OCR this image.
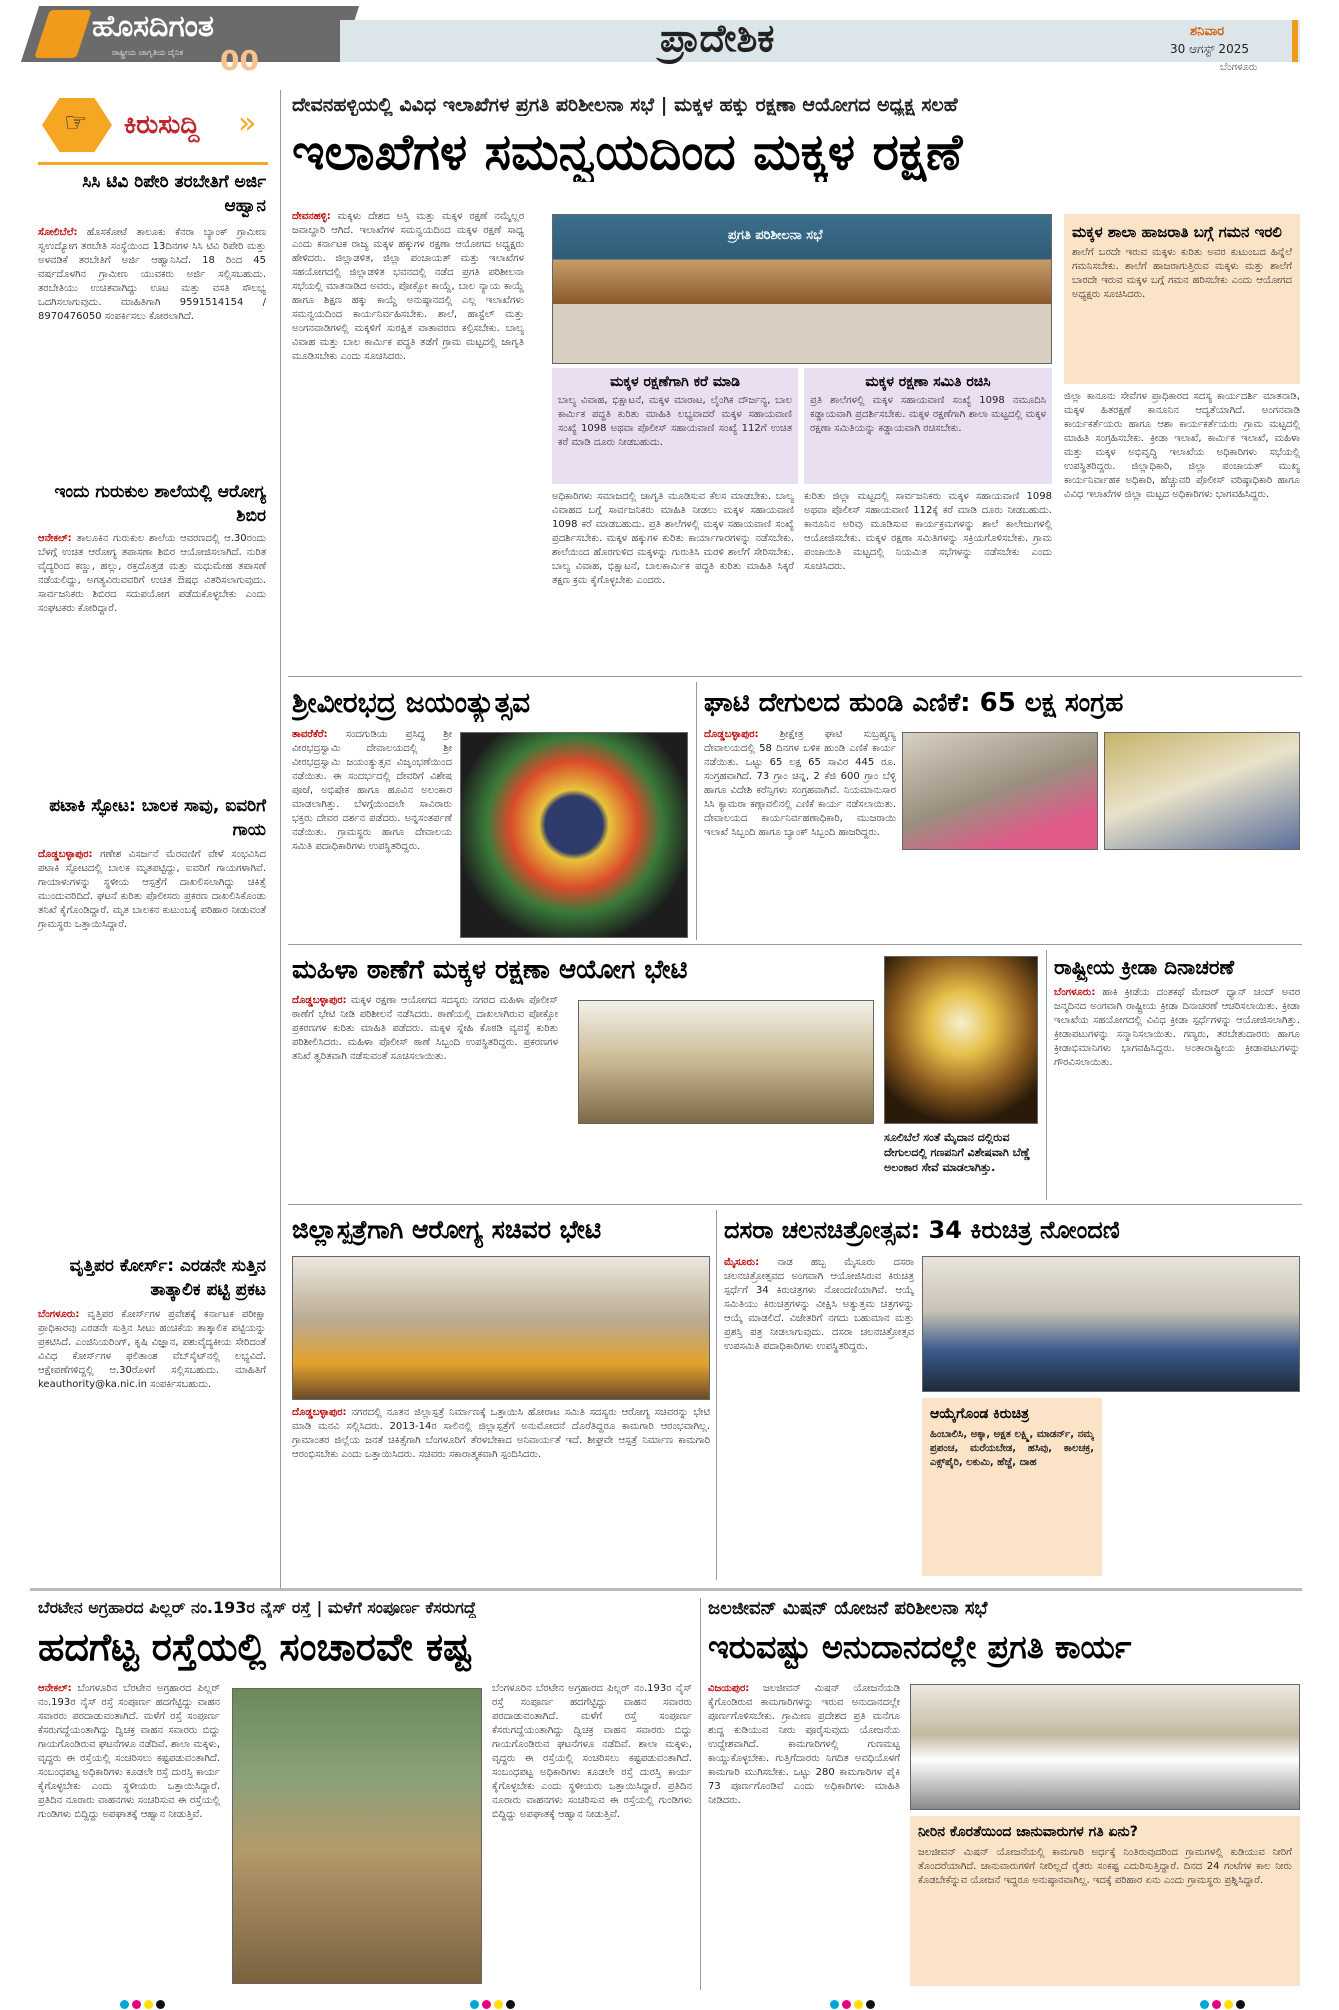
ಹೊಸದಿಗಂತ
ರಾಷ್ಟ್ರೀಯ ಜಾಗೃತಿಯ ದೈನಿಕ 00
ಪ್ರಾದೇಶಿಕ	ಶನಿವಾರ
30 ಆಗಸ್ಟ್ 2025
ಬೆಂಗಳೂರು
☞ ಕಿರುಸುದ್ದಿ »
ಸಿಸಿ ಟಿವಿ ರಿಪೇರಿ ತರಬೇತಿಗೆ ಅರ್ಜಿ ಆಹ್ವಾನ
ಸೋಲಿಬೆಲೆ: ಹೊಸಕೋಟೆ ತಾಲೂಕು ಕೆನರಾ ಬ್ಯಾಂಕ್ ಗ್ರಾಮೀಣ ಸ್ವಉದ್ಯೋಗ ತರಬೇತಿ ಸಂಸ್ಥೆಯಿಂದ 13ದಿನಗಳ ಸಿಸಿ ಟಿವಿ ರಿಪೇರಿ ಮತ್ತು ಅಳವಡಿಕೆ ತರಬೇತಿಗೆ ಅರ್ಜಿ ಆಹ್ವಾನಿಸಿದೆ. 18 ರಿಂದ 45 ವರ್ಷದೊಳಗಿನ ಗ್ರಾಮೀಣ ಯುವಕರು ಅರ್ಜಿ ಸಲ್ಲಿಸಬಹುದು. ತರಬೇತಿಯು ಉಚಿತವಾಗಿದ್ದು ಊಟ ಮತ್ತು ವಸತಿ ಸೌಲಭ್ಯ ಒದಗಿಸಲಾಗುವುದು. ಮಾಹಿತಿಗಾಗಿ 9591514154 / 8970476050 ಸಂಪರ್ಕಿಸಲು ಕೋರಲಾಗಿದೆ.
ಇಂದು ಗುರುಕುಲ ಶಾಲೆಯಲ್ಲಿ ಆರೋಗ್ಯ ಶಿಬಿರ
ಆನೇಕಲ್: ತಾಲೂಕಿನ ಗುರುಕುಲ ಶಾಲೆಯ ಆವರಣದಲ್ಲಿ ಆ.30ರಂದು ಬೆಳಗ್ಗೆ ಉಚಿತ ಆರೋಗ್ಯ ತಪಾಸಣಾ ಶಿಬಿರ ಆಯೋಜಿಸಲಾಗಿದೆ. ನುರಿತ ವೈದ್ಯರಿಂದ ಕಣ್ಣು, ಹಲ್ಲು, ರಕ್ತದೊತ್ತಡ ಮತ್ತು ಮಧುಮೇಹ ತಪಾಸಣೆ ನಡೆಯಲಿದ್ದು, ಅಗತ್ಯವಿರುವವರಿಗೆ ಉಚಿತ ಔಷಧ ವಿತರಿಸಲಾಗುವುದು. ಸಾರ್ವಜನಿಕರು ಶಿಬಿರದ ಸದುಪಯೋಗ ಪಡೆದುಕೊಳ್ಳಬೇಕು ಎಂದು ಸಂಘಟಕರು ಕೋರಿದ್ದಾರೆ.
ಪಟಾಕಿ ಸ್ಫೋಟ: ಬಾಲಕ ಸಾವು, ಐವರಿಗೆ ಗಾಯ
ದೊಡ್ಡಬಳ್ಳಾಪುರ: ಗಣೇಶ ವಿಸರ್ಜನೆ ಮೆರವಣಿಗೆ ವೇಳೆ ಸಂಭವಿಸಿದ ಪಟಾಕಿ ಸ್ಫೋಟದಲ್ಲಿ ಬಾಲಕ ಮೃತಪಟ್ಟಿದ್ದು, ಐವರಿಗೆ ಗಾಯಗಳಾಗಿವೆ. ಗಾಯಾಳುಗಳನ್ನು ಸ್ಥಳೀಯ ಆಸ್ಪತ್ರೆಗೆ ದಾಖಲಿಸಲಾಗಿದ್ದು ಚಿಕಿತ್ಸೆ ಮುಂದುವರಿದಿದೆ. ಘಟನೆ ಕುರಿತು ಪೊಲೀಸರು ಪ್ರಕರಣ ದಾಖಲಿಸಿಕೊಂಡು ತನಿಖೆ ಕೈಗೊಂಡಿದ್ದಾರೆ. ಮೃತ ಬಾಲಕನ ಕುಟುಂಬಕ್ಕೆ ಪರಿಹಾರ ನೀಡುವಂತೆ ಗ್ರಾಮಸ್ಥರು ಒತ್ತಾಯಿಸಿದ್ದಾರೆ.
ವೃತ್ತಿಪರ ಕೋರ್ಸ್: ಎರಡನೇ ಸುತ್ತಿನ ತಾತ್ಕಾಲಿಕ ಪಟ್ಟಿ ಪ್ರಕಟ
ಬೆಂಗಳೂರು: ವೃತ್ತಿಪರ ಕೋರ್ಸ್‌ಗಳ ಪ್ರವೇಶಕ್ಕೆ ಕರ್ನಾಟಕ ಪರೀಕ್ಷಾ ಪ್ರಾಧಿಕಾರವು ಎರಡನೇ ಸುತ್ತಿನ ಸೀಟು ಹಂಚಿಕೆಯ ತಾತ್ಕಾಲಿಕ ಪಟ್ಟಿಯನ್ನು ಪ್ರಕಟಿಸಿದೆ. ಎಂಜಿನಿಯರಿಂಗ್, ಕೃಷಿ ವಿಜ್ಞಾನ, ಪಶುವೈದ್ಯಕೀಯ ಸೇರಿದಂತೆ ವಿವಿಧ ಕೋರ್ಸ್‌ಗಳ ಫಲಿತಾಂಶ ವೆಬ್‌ಸೈಟ್‌ನಲ್ಲಿ ಲಭ್ಯವಿದೆ. ಆಕ್ಷೇಪಣೆಗಳಿದ್ದಲ್ಲಿ ಆ.30ರೊಳಗೆ ಸಲ್ಲಿಸಬಹುದು. ಮಾಹಿತಿಗೆ keauthority@ka.nic.in ಸಂಪರ್ಕಿಸಬಹುದು.
ದೇವನಹಳ್ಳಿಯಲ್ಲಿ ವಿವಿಧ ಇಲಾಖೆಗಳ ಪ್ರಗತಿ ಪರಿಶೀಲನಾ ಸಭೆ | ಮಕ್ಕಳ ಹಕ್ಕು ರಕ್ಷಣಾ ಆಯೋಗದ ಅಧ್ಯಕ್ಷ ಸಲಹೆ
ಇಲಾಖೆಗಳ ಸಮನ್ವಯದಿಂದ ಮಕ್ಕಳ ರಕ್ಷಣೆ
ದೇವನಹಳ್ಳಿ: ಮಕ್ಕಳು ದೇಶದ ಅಸ್ತಿ ಮತ್ತು ಮಕ್ಕಳ ರಕ್ಷಣೆ ನಮ್ಮೆಲ್ಲರ ಜವಾಬ್ದಾರಿ ಆಗಿದೆ. ಇಲಾಖೆಗಳ ಸಮನ್ವಯದಿಂದ ಮಕ್ಕಳ ರಕ್ಷಣೆ ಸಾಧ್ಯ ಎಂದು ಕರ್ನಾಟಕ ರಾಜ್ಯ ಮಕ್ಕಳ ಹಕ್ಕುಗಳ ರಕ್ಷಣಾ ಆಯೋಗದ ಅಧ್ಯಕ್ಷರು ಹೇಳಿದರು. ಜಿಲ್ಲಾಡಳಿತ, ಜಿಲ್ಲಾ ಪಂಚಾಯತ್ ಮತ್ತು ಇಲಾಖೆಗಳ ಸಹಯೋಗದಲ್ಲಿ ಜಿಲ್ಲಾಡಳಿತ ಭವನದಲ್ಲಿ ನಡೆದ ಪ್ರಗತಿ ಪರಿಶೀಲನಾ ಸಭೆಯಲ್ಲಿ ಮಾತನಾಡಿದ ಅವರು, ಪೋಕ್ಸೋ ಕಾಯ್ದೆ, ಬಾಲ ನ್ಯಾಯ ಕಾಯ್ದೆ ಹಾಗೂ ಶಿಕ್ಷಣ ಹಕ್ಕು ಕಾಯ್ದೆ ಅನುಷ್ಠಾನದಲ್ಲಿ ಎಲ್ಲ ಇಲಾಖೆಗಳು ಸಮನ್ವಯದಿಂದ ಕಾರ್ಯನಿರ್ವಹಿಸಬೇಕು. ಶಾಲೆ, ಹಾಸ್ಟೆಲ್ ಮತ್ತು ಅಂಗನವಾಡಿಗಳಲ್ಲಿ ಮಕ್ಕಳಿಗೆ ಸುರಕ್ಷಿತ ವಾತಾವರಣ ಕಲ್ಪಿಸಬೇಕು. ಬಾಲ್ಯ ವಿವಾಹ ಮತ್ತು ಬಾಲ ಕಾರ್ಮಿಕ ಪದ್ಧತಿ ತಡೆಗೆ ಗ್ರಾಮ ಮಟ್ಟದಲ್ಲಿ ಜಾಗೃತಿ ಮೂಡಿಸಬೇಕು ಎಂದು ಸೂಚಿಸಿದರು.
ಪ್ರಗತಿ ಪರಿಶೀಲನಾ ಸಭೆ
ಮಕ್ಕಳ ರಕ್ಷಣೆಗಾಗಿ ಕರೆ ಮಾಡಿ
ಬಾಲ್ಯ ವಿವಾಹ, ಭಿಕ್ಷಾಟನೆ, ಮಕ್ಕಳ ಮಾರಾಟ, ಲೈಂಗಿಕ ದೌರ್ಜನ್ಯ, ಬಾಲ ಕಾರ್ಮಿಕ ಪದ್ಧತಿ ಕುರಿತು ಮಾಹಿತಿ ಲಭ್ಯವಾದರೆ ಮಕ್ಕಳ ಸಹಾಯವಾಣಿ ಸಂಖ್ಯೆ 1098 ಅಥವಾ ಪೊಲೀಸ್ ಸಹಾಯವಾಣಿ ಸಂಖ್ಯೆ 112ಗೆ ಉಚಿತ ಕರೆ ಮಾಡಿ ದೂರು ನೀಡಬಹುದು.
ಮಕ್ಕಳ ರಕ್ಷಣಾ ಸಮಿತಿ ರಚಿಸಿ
ಪ್ರತಿ ಶಾಲೆಗಳಲ್ಲಿ ಮಕ್ಕಳ ಸಹಾಯವಾಣಿ ಸಂಖ್ಯೆ 1098 ನಮೂದಿಸಿ ಕಡ್ಡಾಯವಾಗಿ ಪ್ರದರ್ಶಿಸಬೇಕು. ಮಕ್ಕಳ ರಕ್ಷಣೆಗಾಗಿ ಶಾಲಾ ಮಟ್ಟದಲ್ಲಿ ಮಕ್ಕಳ ರಕ್ಷಣಾ ಸಮಿತಿಯನ್ನು ಕಡ್ಡಾಯವಾಗಿ ರಚಿಸಬೇಕು.
ಅಧಿಕಾರಿಗಳು ಸಮಾಜದಲ್ಲಿ ಜಾಗೃತಿ ಮೂಡಿಸುವ ಕೆಲಸ ಮಾಡಬೇಕು. ಬಾಲ್ಯ ವಿವಾಹದ ಬಗ್ಗೆ ಸಾರ್ವಜನಿಕರು ಮಾಹಿತಿ ನೀಡಲು ಮಕ್ಕಳ ಸಹಾಯವಾಣಿ 1098 ಕರೆ ಮಾಡಬಹುದು. ಪ್ರತಿ ಶಾಲೆಗಳಲ್ಲಿ ಮಕ್ಕಳ ಸಹಾಯವಾಣಿ ಸಂಖ್ಯೆ ಪ್ರದರ್ಶಿಸಬೇಕು. ಮಕ್ಕಳ ಹಕ್ಕುಗಳ ಕುರಿತು ಕಾರ್ಯಾಗಾರಗಳನ್ನು ನಡೆಸಬೇಕು. ಶಾಲೆಯಿಂದ ಹೊರಗುಳಿದ ಮಕ್ಕಳನ್ನು ಗುರುತಿಸಿ ಮರಳಿ ಶಾಲೆಗೆ ಸೇರಿಸಬೇಕು. ಬಾಲ್ಯ ವಿವಾಹ, ಭಿಕ್ಷಾಟನೆ, ಬಾಲಕಾರ್ಮಿಕ ಪದ್ಧತಿ ಕುರಿತು ಮಾಹಿತಿ ಸಿಕ್ಕರೆ ತಕ್ಷಣ ಕ್ರಮ ಕೈಗೊಳ್ಳಬೇಕು ಎಂದರು.
ಕುರಿತು ಜಿಲ್ಲಾ ಮಟ್ಟದಲ್ಲಿ ಸಾರ್ವಜನಿಕರು ಮಕ್ಕಳ ಸಹಾಯವಾಣಿ 1098 ಅಥವಾ ಪೊಲೀಸ್ ಸಹಾಯವಾಣಿ 112ಕ್ಕೆ ಕರೆ ಮಾಡಿ ದೂರು ನೀಡಬಹುದು. ಕಾನೂನಿನ ಅರಿವು ಮೂಡಿಸುವ ಕಾರ್ಯಕ್ರಮಗಳನ್ನು ಶಾಲೆ ಕಾಲೇಜುಗಳಲ್ಲಿ ಆಯೋಜಿಸಬೇಕು. ಮಕ್ಕಳ ರಕ್ಷಣಾ ಸಮಿತಿಗಳನ್ನು ಸಕ್ರಿಯಗೊಳಿಸಬೇಕು. ಗ್ರಾಮ ಪಂಚಾಯಿತಿ ಮಟ್ಟದಲ್ಲಿ ನಿಯಮಿತ ಸಭೆಗಳನ್ನು ನಡೆಸಬೇಕು ಎಂದು ಸೂಚಿಸಿದರು.
ಮಕ್ಕಳ ಶಾಲಾ ಹಾಜರಾತಿ ಬಗ್ಗೆ ಗಮನ ಇರಲಿ
ಶಾಲೆಗೆ ಬರದೇ ಇರುವ ಮಕ್ಕಳು ಕುರಿತು ಅವರ ಕುಟುಂಬದ ಹಿನ್ನೆಲೆ ಗಮನಿಸಬೇಕು. ಶಾಲೆಗೆ ಹಾಜರಾಗುತ್ತಿರುವ ಮಕ್ಕಳು ಮತ್ತು ಶಾಲೆಗೆ ಬಾರದೇ ಇರುವ ಮಕ್ಕಳ ಬಗ್ಗೆ ಗಮನ ಹರಿಸಬೇಕು ಎಂದು ಆಯೋಗದ ಅಧ್ಯಕ್ಷರು ಸೂಚಿಸಿದರು.
ಜಿಲ್ಲಾ ಕಾನೂನು ಸೇವೆಗಳ ಪ್ರಾಧಿಕಾರದ ಸದಸ್ಯ ಕಾರ್ಯದರ್ಶಿ ಮಾತನಾಡಿ, ಮಕ್ಕಳ ಹಿತರಕ್ಷಣೆ ಕಾನೂನಿನ ಆದ್ಯತೆಯಾಗಿದೆ. ಅಂಗನವಾಡಿ ಕಾರ್ಯಕರ್ತೆಯರು ಹಾಗೂ ಆಶಾ ಕಾರ್ಯಕರ್ತೆಯರು ಗ್ರಾಮ ಮಟ್ಟದಲ್ಲಿ ಮಾಹಿತಿ ಸಂಗ್ರಹಿಸಬೇಕು. ಕ್ರೀಡಾ ಇಲಾಖೆ, ಕಾರ್ಮಿಕ ಇಲಾಖೆ, ಮಹಿಳಾ ಮತ್ತು ಮಕ್ಕಳ ಅಭಿವೃದ್ಧಿ ಇಲಾಖೆಯ ಅಧಿಕಾರಿಗಳು ಸಭೆಯಲ್ಲಿ ಉಪಸ್ಥಿತರಿದ್ದರು. ಜಿಲ್ಲಾಧಿಕಾರಿ, ಜಿಲ್ಲಾ ಪಂಚಾಯತ್ ಮುಖ್ಯ ಕಾರ್ಯನಿರ್ವಾಹಕ ಅಧಿಕಾರಿ, ಹೆಚ್ಚುವರಿ ಪೊಲೀಸ್ ವರಿಷ್ಠಾಧಿಕಾರಿ ಹಾಗೂ ವಿವಿಧ ಇಲಾಖೆಗಳ ಜಿಲ್ಲಾ ಮಟ್ಟದ ಅಧಿಕಾರಿಗಳು ಭಾಗವಹಿಸಿದ್ದರು.
ಶ್ರೀವೀರಭದ್ರ ಜಯಂತ್ಯುತ್ಸವ
ತಾವರೆಕೆರೆ: ಸಂದಗುಡಿಯ ಪ್ರಸಿದ್ಧ ಶ್ರೀ ವೀರಭದ್ರಸ್ವಾಮಿ ದೇವಾಲಯದಲ್ಲಿ ಶ್ರೀ ವೀರಭದ್ರಸ್ವಾಮಿ ಜಯಂತ್ಯುತ್ಸವ ವಿಜೃಂಭಣೆಯಿಂದ ನಡೆಯಿತು. ಈ ಸಂದರ್ಭದಲ್ಲಿ ದೇವರಿಗೆ ವಿಶೇಷ ಪೂಜೆ, ಅಭಿಷೇಕ ಹಾಗೂ ಹೂವಿನ ಅಲಂಕಾರ ಮಾಡಲಾಗಿತ್ತು. ಬೆಳಗ್ಗೆಯಿಂದಲೇ ಸಾವಿರಾರು ಭಕ್ತರು ದೇವರ ದರ್ಶನ ಪಡೆದರು. ಅನ್ನಸಂತರ್ಪಣೆ ನಡೆಯಿತು. ಗ್ರಾಮಸ್ಥರು ಹಾಗೂ ದೇವಾಲಯ ಸಮಿತಿ ಪದಾಧಿಕಾರಿಗಳು ಉಪಸ್ಥಿತರಿದ್ದರು.
ಘಾಟಿ ದೇಗುಲದ ಹುಂಡಿ ಎಣಿಕೆ: 65 ಲಕ್ಷ ಸಂಗ್ರಹ
ದೊಡ್ಡಬಳ್ಳಾಪುರ: ಶ್ರೀಕ್ಷೇತ್ರ ಘಾಟಿ ಸುಬ್ರಹ್ಮಣ್ಯ ದೇವಾಲಯದಲ್ಲಿ 58 ದಿನಗಳ ಬಳಿಕ ಹುಂಡಿ ಎಣಿಕೆ ಕಾರ್ಯ ನಡೆಯಿತು. ಒಟ್ಟು 65 ಲಕ್ಷ 65 ಸಾವಿರ 445 ರೂ. ಸಂಗ್ರಹವಾಗಿದೆ. 73 ಗ್ರಾಂ ಚಿನ್ನ, 2 ಕೆಜಿ 600 ಗ್ರಾಂ ಬೆಳ್ಳಿ ಹಾಗೂ ವಿದೇಶಿ ಕರೆನ್ಸಿಗಳು ಸಂಗ್ರಹವಾಗಿವೆ. ನಿಯಮಾನುಸಾರ ಸಿಸಿ ಕ್ಯಾಮರಾ ಕಣ್ಗಾವಲಿನಲ್ಲಿ ಎಣಿಕೆ ಕಾರ್ಯ ನಡೆಸಲಾಯಿತು. ದೇವಾಲಯದ ಕಾರ್ಯನಿರ್ವಹಣಾಧಿಕಾರಿ, ಮುಜರಾಯಿ ಇಲಾಖೆ ಸಿಬ್ಬಂದಿ ಹಾಗೂ ಬ್ಯಾಂಕ್ ಸಿಬ್ಬಂದಿ ಹಾಜರಿದ್ದರು.
ಮಹಿಳಾ ಠಾಣೆಗೆ ಮಕ್ಕಳ ರಕ್ಷಣಾ ಆಯೋಗ ಭೇಟಿ
ದೊಡ್ಡಬಳ್ಳಾಪುರ: ಮಕ್ಕಳ ರಕ್ಷಣಾ ಆಯೋಗದ ಸದಸ್ಯರು ನಗರದ ಮಹಿಳಾ ಪೊಲೀಸ್ ಠಾಣೆಗೆ ಭೇಟಿ ನೀಡಿ ಪರಿಶೀಲನೆ ನಡೆಸಿದರು. ಠಾಣೆಯಲ್ಲಿ ದಾಖಲಾಗಿರುವ ಪೋಕ್ಸೋ ಪ್ರಕರಣಗಳ ಕುರಿತು ಮಾಹಿತಿ ಪಡೆದರು. ಮಕ್ಕಳ ಸ್ನೇಹಿ ಕೊಠಡಿ ವ್ಯವಸ್ಥೆ ಕುರಿತು ಪರಿಶೀಲಿಸಿದರು. ಮಹಿಳಾ ಪೊಲೀಸ್ ಠಾಣೆ ಸಿಬ್ಬಂದಿ ಉಪಸ್ಥಿತರಿದ್ದರು. ಪ್ರಕರಣಗಳ ತನಿಖೆ ತ್ವರಿತವಾಗಿ ನಡೆಸುವಂತೆ ಸೂಚಿಸಲಾಯಿತು.
ಸೂಲಿಬೆಲೆ ಸಂತೆ ಮೈದಾನ ದಲ್ಲಿರುವ ದೇಗುಲದಲ್ಲಿ ಗಣಪನಿಗೆ ವಿಶೇಷವಾಗಿ ಬೆಣ್ಣೆ ಅಲಂಕಾರ ಸೇವೆ ಮಾಡಲಾಗಿತ್ತು.
ರಾಷ್ಟ್ರೀಯ ಕ್ರೀಡಾ ದಿನಾಚರಣೆ
ಬೆಂಗಳೂರು: ಹಾಕಿ ಕ್ರೀಡೆಯ ದಂತಕಥೆ ಮೇಜರ್ ಧ್ಯಾನ್ ಚಂದ್ ಅವರ ಜನ್ಮದಿನದ ಅಂಗವಾಗಿ ರಾಷ್ಟ್ರೀಯ ಕ್ರೀಡಾ ದಿನಾಚರಣೆ ಆಚರಿಸಲಾಯಿತು. ಕ್ರೀಡಾ ಇಲಾಖೆಯ ಸಹಯೋಗದಲ್ಲಿ ವಿವಿಧ ಕ್ರೀಡಾ ಸ್ಪರ್ಧೆಗಳನ್ನು ಆಯೋಜಿಸಲಾಗಿತ್ತು. ಕ್ರೀಡಾಪಟುಗಳನ್ನು ಸನ್ಮಾನಿಸಲಾಯಿತು. ಗಣ್ಯರು, ತರಬೇತುದಾರರು ಹಾಗೂ ಕ್ರೀಡಾಭಿಮಾನಿಗಳು ಭಾಗವಹಿಸಿದ್ದರು. ಅಂತಾರಾಷ್ಟ್ರೀಯ ಕ್ರೀಡಾಪಟುಗಳನ್ನು ಗೌರವಿಸಲಾಯಿತು.
ಜಿಲ್ಲಾಸ್ಪತ್ರೆಗಾಗಿ ಆರೋಗ್ಯ ಸಚಿವರ ಭೇಟಿ
ದೊಡ್ಡಬಳ್ಳಾಪುರ: ನಗರದಲ್ಲಿ ನೂತನ ಜಿಲ್ಲಾಸ್ಪತ್ರೆ ನಿರ್ಮಾಣಕ್ಕೆ ಒತ್ತಾಯಿಸಿ ಹೋರಾಟ ಸಮಿತಿ ಸದಸ್ಯರು ಆರೋಗ್ಯ ಸಚಿವರನ್ನು ಭೇಟಿ ಮಾಡಿ ಮನವಿ ಸಲ್ಲಿಸಿದರು. 2013-14ರ ಸಾಲಿನಲ್ಲಿ ಜಿಲ್ಲಾಸ್ಪತ್ರೆಗೆ ಅನುಮೋದನೆ ದೊರೆತಿದ್ದರೂ ಕಾಮಗಾರಿ ಆರಂಭವಾಗಿಲ್ಲ. ಗ್ರಾಮಾಂತರ ಜಿಲ್ಲೆಯ ಜನತೆ ಚಿಕಿತ್ಸೆಗಾಗಿ ಬೆಂಗಳೂರಿಗೆ ತೆರಳಬೇಕಾದ ಅನಿವಾರ್ಯತೆ ಇದೆ. ಶೀಘ್ರವೇ ಆಸ್ಪತ್ರೆ ನಿರ್ಮಾಣ ಕಾಮಗಾರಿ ಆರಂಭಿಸಬೇಕು ಎಂದು ಒತ್ತಾಯಿಸಿದರು. ಸಚಿವರು ಸಕಾರಾತ್ಮಕವಾಗಿ ಸ್ಪಂದಿಸಿದರು.
ದಸರಾ ಚಲನಚಿತ್ರೋತ್ಸವ: 34 ಕಿರುಚಿತ್ರ ನೋಂದಣಿ
ಮೈಸೂರು: ನಾಡ ಹಬ್ಬ ಮೈಸೂರು ದಸರಾ ಚಲನಚಿತ್ರೋತ್ಸವದ ಅಂಗವಾಗಿ ಆಯೋಜಿಸಿರುವ ಕಿರುಚಿತ್ರ ಸ್ಪರ್ಧೆಗೆ 34 ಕಿರುಚಿತ್ರಗಳು ನೋಂದಣಿಯಾಗಿವೆ. ಆಯ್ಕೆ ಸಮಿತಿಯು ಕಿರುಚಿತ್ರಗಳನ್ನು ವೀಕ್ಷಿಸಿ ಅತ್ಯುತ್ತಮ ಚಿತ್ರಗಳನ್ನು ಆಯ್ಕೆ ಮಾಡಲಿದೆ. ವಿಜೇತರಿಗೆ ನಗದು ಬಹುಮಾನ ಮತ್ತು ಪ್ರಶಸ್ತಿ ಪತ್ರ ನೀಡಲಾಗುವುದು. ದಸರಾ ಚಲನಚಿತ್ರೋತ್ಸವ ಉಪಸಮಿತಿ ಪದಾಧಿಕಾರಿಗಳು ಉಪಸ್ಥಿತರಿದ್ದರು.
ಆಯ್ಕೆಗೊಂಡ ಕಿರುಚಿತ್ರ
ಹಿಂಬಾಲಿಸಿ, ಅಕ್ಕಾ, ಅಕ್ಷತ ಲಕ್ಷ್ಮಿ, ಮಾಡರ್ನ್, ನಮ್ಮ ಪ್ರಪಂಚ, ಮರೆಯಬೇಡ, ಹಸಿವು, ಕಾಲಚಕ್ರ, ಎಕ್ಸ್‌ಪೈರಿ, ಲಕುಮಿ, ಹೆಜ್ಜೆ, ದಾಹ
ಬೆರಟೇನ ಅಗ್ರಹಾರದ ಪಿಲ್ಲರ್ ನಂ.193ರ ನೈಸ್ ರಸ್ತೆ | ಮಳೆಗೆ ಸಂಪೂರ್ಣ ಕೆಸರುಗದ್ದೆ
ಹದಗೆಟ್ಟ ರಸ್ತೆಯಲ್ಲಿ ಸಂಚಾರವೇ ಕಷ್ಟ
ಆನೇಕಲ್: ಬೆಂಗಳೂರಿನ ಬೆರಟೇನ ಅಗ್ರಹಾರದ ಪಿಲ್ಲರ್ ನಂ.193ರ ನೈಸ್ ರಸ್ತೆ ಸಂಪೂರ್ಣ ಹದಗೆಟ್ಟಿದ್ದು ವಾಹನ ಸವಾರರು ಪರದಾಡುವಂತಾಗಿದೆ. ಮಳೆಗೆ ರಸ್ತೆ ಸಂಪೂರ್ಣ ಕೆಸರುಗದ್ದೆಯಂತಾಗಿದ್ದು ದ್ವಿಚಕ್ರ ವಾಹನ ಸವಾರರು ಬಿದ್ದು ಗಾಯಗೊಂಡಿರುವ ಘಟನೆಗಳೂ ನಡೆದಿವೆ. ಶಾಲಾ ಮಕ್ಕಳು, ವೃದ್ಧರು ಈ ರಸ್ತೆಯಲ್ಲಿ ಸಂಚರಿಸಲು ಕಷ್ಟಪಡುವಂತಾಗಿದೆ. ಸಂಬಂಧಪಟ್ಟ ಅಧಿಕಾರಿಗಳು ಕೂಡಲೇ ರಸ್ತೆ ದುರಸ್ತಿ ಕಾರ್ಯ ಕೈಗೊಳ್ಳಬೇಕು ಎಂದು ಸ್ಥಳೀಯರು ಒತ್ತಾಯಿಸಿದ್ದಾರೆ. ಪ್ರತಿದಿನ ನೂರಾರು ವಾಹನಗಳು ಸಂಚರಿಸುವ ಈ ರಸ್ತೆಯಲ್ಲಿ ಗುಂಡಿಗಳು ಬಿದ್ದಿದ್ದು ಅಪಘಾತಕ್ಕೆ ಆಹ್ವಾನ ನೀಡುತ್ತಿವೆ.
ಬೆಂಗಳೂರಿನ ಬೆರಟೇನ ಅಗ್ರಹಾರದ ಪಿಲ್ಲರ್ ನಂ.193ರ ನೈಸ್ ರಸ್ತೆ ಸಂಪೂರ್ಣ ಹದಗೆಟ್ಟಿದ್ದು ವಾಹನ ಸವಾರರು ಪರದಾಡುವಂತಾಗಿದೆ. ಮಳೆಗೆ ರಸ್ತೆ ಸಂಪೂರ್ಣ ಕೆಸರುಗದ್ದೆಯಂತಾಗಿದ್ದು ದ್ವಿಚಕ್ರ ವಾಹನ ಸವಾರರು ಬಿದ್ದು ಗಾಯಗೊಂಡಿರುವ ಘಟನೆಗಳೂ ನಡೆದಿವೆ. ಶಾಲಾ ಮಕ್ಕಳು, ವೃದ್ಧರು ಈ ರಸ್ತೆಯಲ್ಲಿ ಸಂಚರಿಸಲು ಕಷ್ಟಪಡುವಂತಾಗಿದೆ. ಸಂಬಂಧಪಟ್ಟ ಅಧಿಕಾರಿಗಳು ಕೂಡಲೇ ರಸ್ತೆ ದುರಸ್ತಿ ಕಾರ್ಯ ಕೈಗೊಳ್ಳಬೇಕು ಎಂದು ಸ್ಥಳೀಯರು ಒತ್ತಾಯಿಸಿದ್ದಾರೆ. ಪ್ರತಿದಿನ ನೂರಾರು ವಾಹನಗಳು ಸಂಚರಿಸುವ ಈ ರಸ್ತೆಯಲ್ಲಿ ಗುಂಡಿಗಳು ಬಿದ್ದಿದ್ದು ಅಪಘಾತಕ್ಕೆ ಆಹ್ವಾನ ನೀಡುತ್ತಿವೆ.
ಜಲಜೀವನ್ ಮಿಷನ್ ಯೋಜನೆ ಪರಿಶೀಲನಾ ಸಭೆ
ಇರುವಷ್ಟು ಅನುದಾನದಲ್ಲೇ ಪ್ರಗತಿ ಕಾರ್ಯ
ವಿಜಯಪುರ: ಜಲಜೀವನ್ ಮಿಷನ್ ಯೋಜನೆಯಡಿ ಕೈಗೊಂಡಿರುವ ಕಾಮಗಾರಿಗಳನ್ನು ಇರುವ ಅನುದಾನದಲ್ಲೇ ಪೂರ್ಣಗೊಳಿಸಬೇಕು. ಗ್ರಾಮೀಣ ಪ್ರದೇಶದ ಪ್ರತಿ ಮನೆಗೂ ಶುದ್ಧ ಕುಡಿಯುವ ನೀರು ಪೂರೈಸುವುದು ಯೋಜನೆಯ ಉದ್ದೇಶವಾಗಿದೆ. ಕಾಮಗಾರಿಗಳಲ್ಲಿ ಗುಣಮಟ್ಟ ಕಾಯ್ದುಕೊಳ್ಳಬೇಕು. ಗುತ್ತಿಗೆದಾರರು ನಿಗದಿತ ಅವಧಿಯೊಳಗೆ ಕಾಮಗಾರಿ ಮುಗಿಸಬೇಕು. ಒಟ್ಟು 280 ಕಾಮಗಾರಿಗಳ ಪೈಕಿ 73 ಪೂರ್ಣಗೊಂಡಿವೆ ಎಂದು ಅಧಿಕಾರಿಗಳು ಮಾಹಿತಿ ನೀಡಿದರು.
ನೀರಿನ ಕೊರತೆಯಿಂದ ಜಾನುವಾರುಗಳ ಗತಿ ಏನು?
ಜಲಜೀವನ್ ಮಿಷನ್ ಯೋಜನೆಯಲ್ಲಿ ಕಾಮಗಾರಿ ಅರ್ಧಕ್ಕೆ ನಿಂತಿರುವುದರಿಂದ ಗ್ರಾಮಗಳಲ್ಲಿ ಕುಡಿಯುವ ನೀರಿಗೆ ತೊಂದರೆಯಾಗಿದೆ. ಜಾನುವಾರುಗಳಿಗೆ ನೀರಿಲ್ಲದೆ ರೈತರು ಸಂಕಷ್ಟ ಎದುರಿಸುತ್ತಿದ್ದಾರೆ. ದಿನದ 24 ಗಂಟೆಗಳ ಕಾಲ ನೀರು ಕೊಡಬೇಕೆನ್ನುವ ಯೋಜನೆ ಇದ್ದರೂ ಅನುಷ್ಠಾನವಾಗಿಲ್ಲ. ಇದಕ್ಕೆ ಪರಿಹಾರ ಏನು ಎಂದು ಗ್ರಾಮಸ್ಥರು ಪ್ರಶ್ನಿಸಿದ್ದಾರೆ.
